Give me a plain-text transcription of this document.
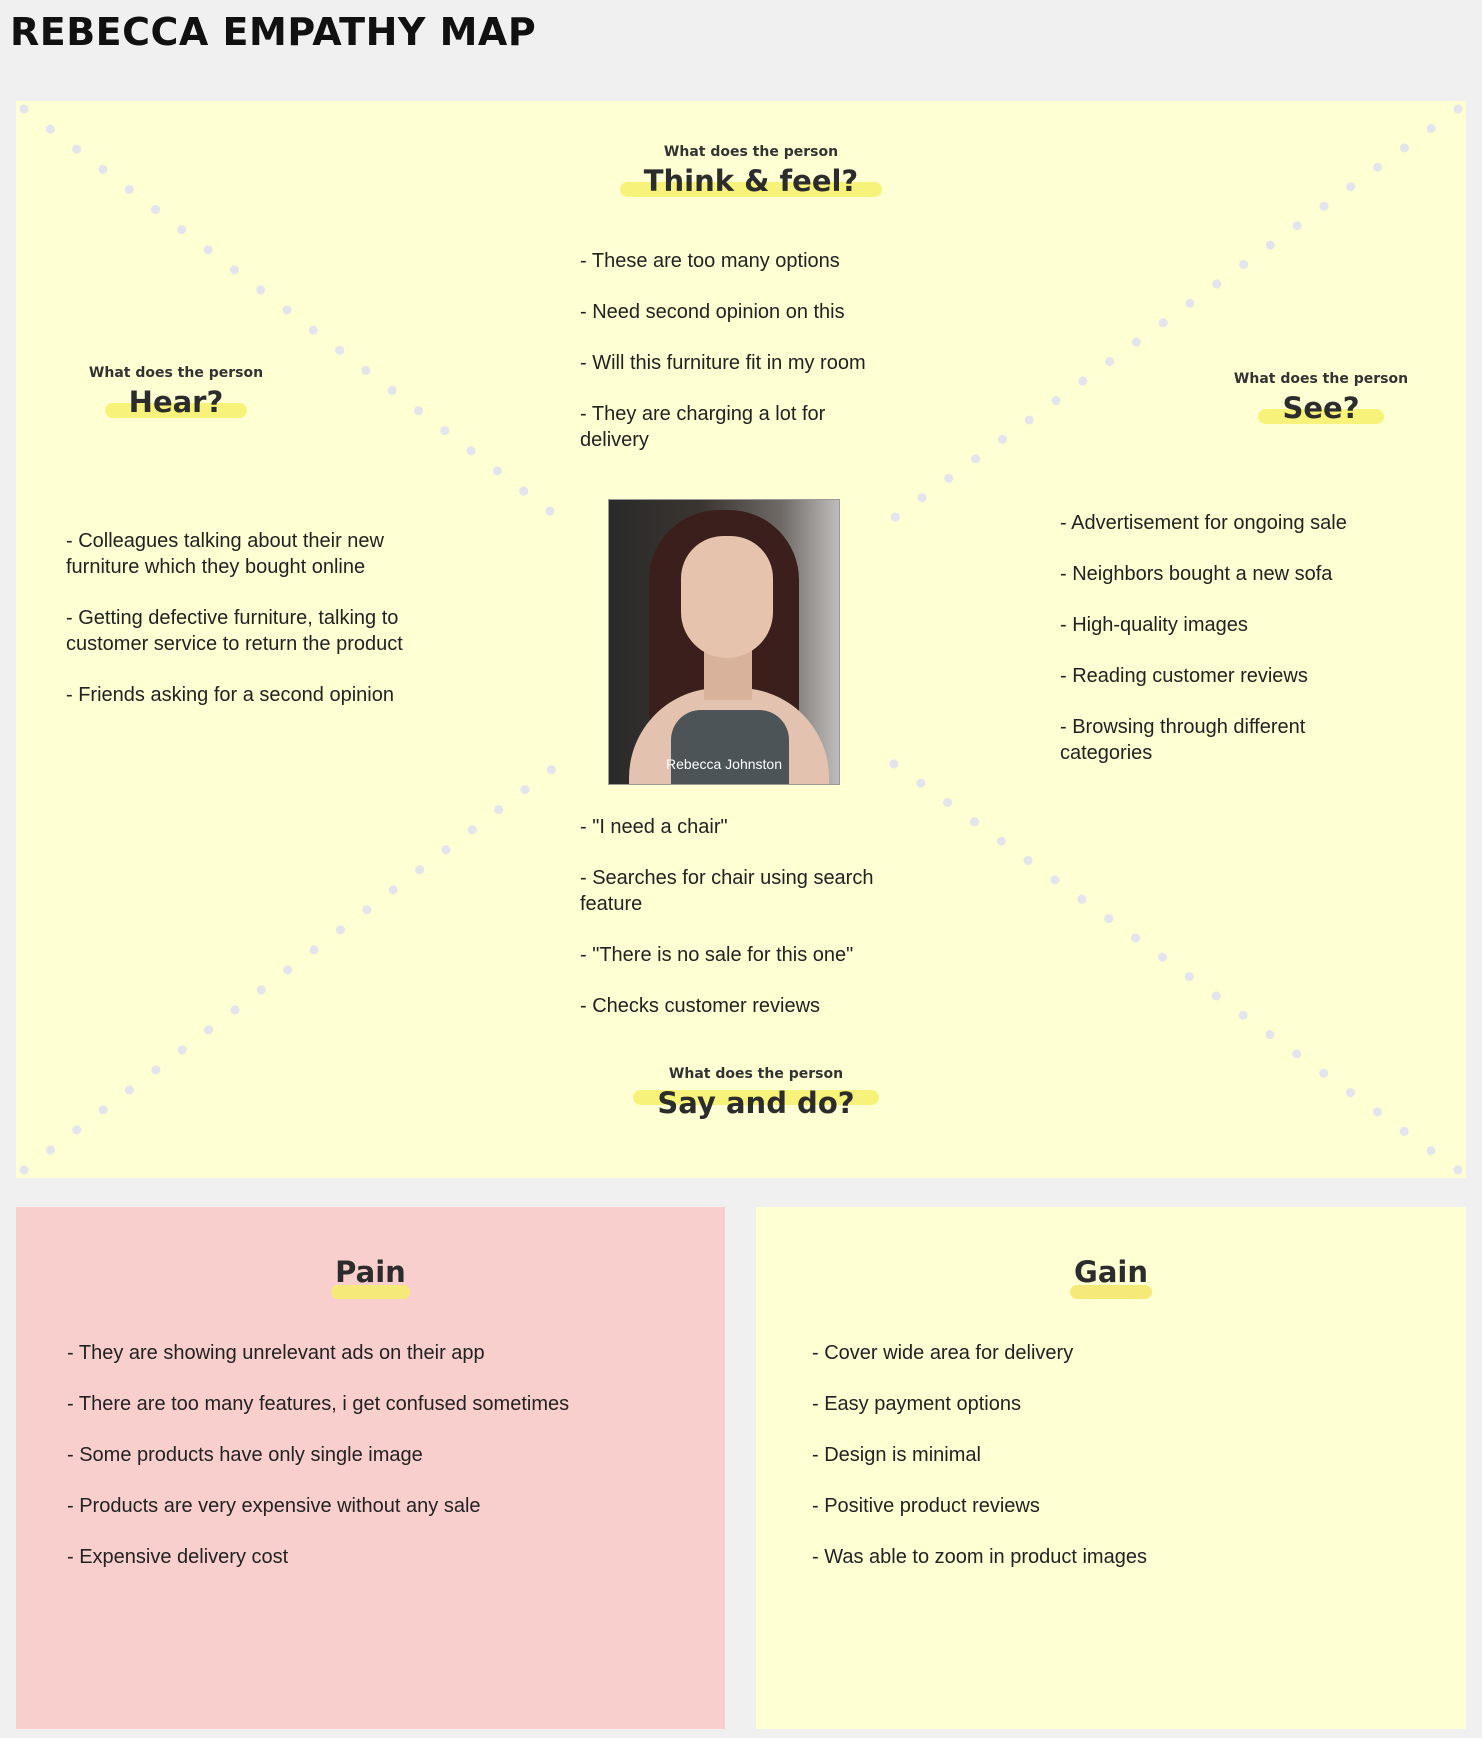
REBECCA EMPATHY MAP
What does the person
Think & feel?
- These are too many options
- Need second opinion on this
- Will this furniture fit in my room
- They are charging a lot for delivery
What does the person
Hear?
- Colleagues talking about their new furniture which they bought online
- Getting defective furniture, talking to customer service to return the product
- Friends asking for a second opinion
What does the person
See?
- Advertisement for ongoing sale
- Neighbors bought a new sofa
- High-quality images
- Reading customer reviews
- Browsing through different categories
Rebecca Johnston
- "I need a chair"
- Searches for chair using search feature
- "There is no sale for this one"
- Checks customer reviews
What does the person
Say and do?
Pain
- They are showing unrelevant ads on their app
- There are too many features, i get confused sometimes
- Some products have only single image
- Products are very expensive without any sale
- Expensive delivery cost
Gain
- Cover wide area for delivery
- Easy payment options
- Design is minimal
- Positive product reviews
- Was able to zoom in product images
